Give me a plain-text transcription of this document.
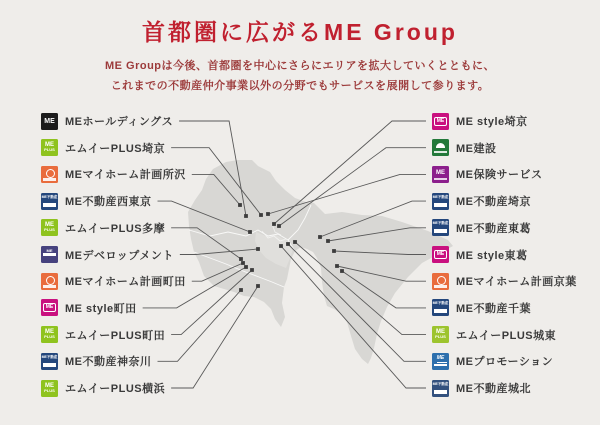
首都圏に広がるME Group

ME Groupは今後、首都圏を中心にさらにエリアを拡大していくとともに、
これまでの不動産仲介事業以外の分野でもサービスを展開して参ります。

ME MEホールディングス
ME
PLUS エムイーPLUS埼京
MEマイホーム計画所沢
ME不動産 ME不動産西東京
ME
PLUS エムイーPLUS多摩
ME	MEデベロップメント
MEマイホーム計画町田
ME	ME style町田
ME
PLUS エムイーPLUS町田
ME不動産 ME不動産神奈川
ME
PLUS エムイーPLUS横浜
ME	ME style埼京
ME建設
ME	ME保険サービス
ME不動産 ME不動産埼京
ME不動産 ME不動産東葛
ME	ME style東葛
MEマイホーム計画京葉
ME不動産 ME不動産千葉
ME
PLUS エムイーPLUS城東
ME	MEプロモーション
ME不動産 ME不動産城北
